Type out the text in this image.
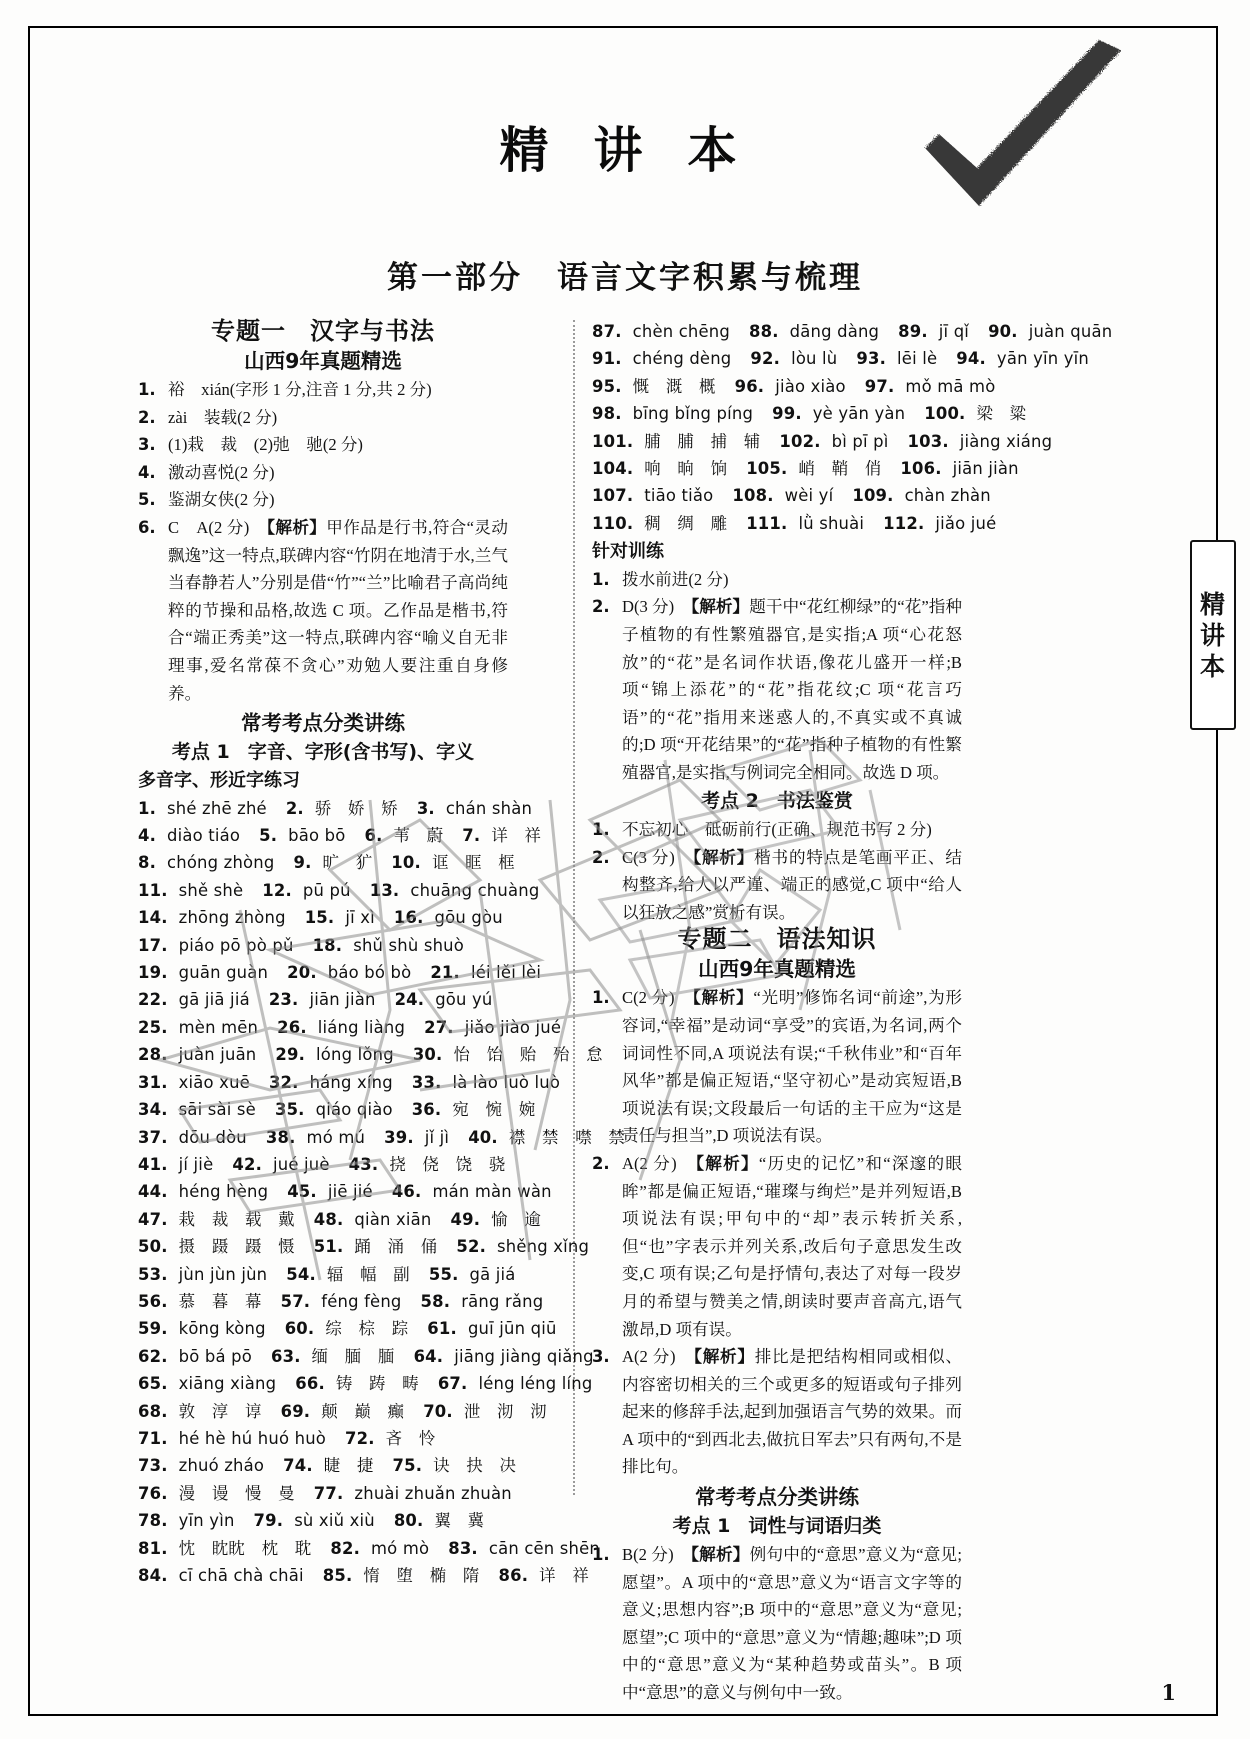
精 讲 本
第一部分 语言文字积累与梳理
专题一 汉字与书法
山西9年真题精选

1. 裕　xián(字形 1 分,注音 1 分,共 2 分)

2. zài　装载(2 分)

3. (1)栽　裁　(2)弛　驰(2 分)

4. 激动喜悦(2 分)

5. 鉴湖女侠(2 分)

6. C　A(2 分)　【解析】甲作品是行书,符合“灵动飘逸”这一特点,联碑内容“竹阴在地清于水,兰气当春静若人”分别是借“竹”“兰”比喻君子高尚纯粹的节操和品格,故选 C 项。乙作品是楷书,符合“端正秀美”这一特点,联碑内容“喻义自无非理事,爱名常葆不贪心”劝勉人要注重自身修养。

常考考点分类讲练
考点 1 字音、字形(含书写)、字义
多音字、形近字练习
1. shé zhē zhé 2. 骄　娇　矫 3. chán shàn
4. diào tiáo 5. bāo bō 6. 苇　蔚 7. 详　祥
8. chóng zhòng 9. 旷　犷 10. 诓　眶　框
11. shě shè 12. pū pú 13. chuāng chuàng
14. zhōng zhòng 15. jī xì 16. gōu gòu
17. piáo pō pò pǔ 18. shǔ shù shuò
19. guān guàn 20. báo bó bò 21. léi lěi lèi
22. gā jiā jiá 23. jiān jiàn 24. gōu yú
25. mèn mēn 26. liáng liàng 27. jiǎo jiào jué
28. juàn juān 29. lóng lǒng 30. 怡　饴　贻　殆　怠
31. xiāo xuē 32. háng xíng 33. là lào luò luò
34. sāi sài sè 35. qiáo qiào 36. 宛　惋　婉
37. dōu dòu 38. mó mú 39. jǐ jì 40. 襟　禁　噤　禁
41. jí jiè 42. jué juè 43. 挠　侥　饶　骁
44. héng hèng 45. jiē jié 46. mán màn wàn
47. 栽　裁　载　戴 48. qiàn xiān 49. 愉　逾
50. 摄　蹑　蹑　慑 51. 踊　涌　俑 52. shěng xǐng
53. jùn jùn jùn 54. 辐　幅　副 55. gā jiá
56. 慕　暮　幕 57. féng fèng 58. rāng rǎng
59. kōng kòng 60. 综　棕　踪 61. guī jūn qiū
62. bō bá pō 63. 缅　腼　腼 64. jiāng jiàng qiǎng
65. xiāng xiàng 66. 铸　踌　畴 67. léng léng líng
68. 敦　淳　谆 69. 颠　巅　癫 70. 泄　沏　沏
71. hé hè hú huó huò 72. 吝　怜
73. zhuó zháo 74. 睫　捷 75. 诀　抉　决
76. 漫　谩　慢　曼 77. zhuài zhuǎn zhuàn
78. yīn yìn 79. sù xiǔ xiù 80. 翼　冀
81. 忱　眈眈　枕　耽 82. mó mò 83. cān cēn shēn
84. cī chā chà chāi 85. 惰　堕　椭　隋 86. 详　祥
87. chèn chēng 88. dāng dàng 89. jī qǐ 90. juàn quān
91. chéng dèng 92. lòu lù 93. lēi lè 94. yān yīn yīn
95. 慨　溉　概 96. jiào xiào 97. mǒ mā mò
98. bīng bǐng píng 99. yè yān yàn 100. 梁　粱
101. 脯　脯　捕　辅 102. bì pī pì 103. jiàng xiáng
104. 响　晌　饷 105. 峭　鞘　俏 106. jiān jiàn
107. tiāo tiǎo 108. wèi yí 109. chàn zhàn
110. 稠　绸　雕 111. lǜ shuài 112. jiǎo jué
针对训练

1. 拨水前进(2 分)

2. D(3 分)　【解析】题干中“花红柳绿”的“花”指种子植物的有性繁殖器官,是实指;A 项“心花怒放”的“花”是名词作状语,像花儿盛开一样;B 项“锦上添花”的“花”指花纹;C 项“花言巧语”的“花”指用来迷惑人的,不真实或不真诚的;D 项“开花结果”的“花”指种子植物的有性繁殖器官,是实指,与例词完全相同。故选 D 项。

考点 2 书法鉴赏

1. 不忘初心　砥砺前行(正确、规范书写 2 分)

2. C(3 分)　【解析】楷书的特点是笔画平正、结构整齐,给人以严谨、端正的感觉,C 项中“给人以狂放之感”赏析有误。

专题二 语法知识
山西9年真题精选

1. C(2 分)　【解析】“光明”修饰名词“前途”,为形容词,“幸福”是动词“享受”的宾语,为名词,两个词词性不同,A 项说法有误;“千秋伟业”和“百年风华”都是偏正短语,“坚守初心”是动宾短语,B 项说法有误;文段最后一句话的主干应为“这是责任与担当”,D 项说法有误。

2. A(2 分)　【解析】“历史的记忆”和“深邃的眼眸”都是偏正短语,“璀璨与绚烂”是并列短语,B 项说法有误;甲句中的“却”表示转折关系,但“也”字表示并列关系,改后句子意思发生改变,C 项有误;乙句是抒情句,表达了对每一段岁月的希望与赞美之情,朗读时要声音高亢,语气激昂,D 项有误。

3. A(2 分)　【解析】排比是把结构相同或相似、内容密切相关的三个或更多的短语或句子排列起来的修辞手法,起到加强语言气势的效果。而 A 项中的“到西北去,做抗日军去”只有两句,不是排比句。

常考考点分类讲练
考点 1 词性与词语归类

1. B(2 分)　【解析】例句中的“意思”意义为“意见;愿望”。A 项中的“意思”意义为“语言文字等的意义;思想内容”;B 项中的“意思”意义为“意见;愿望”;C 项中的“意思”意义为“情趣;趣味”;D 项中的“意思”意义为“某种趋势或苗头”。B 项中“意思”的意义与例句中一致。

精
讲
本
1
